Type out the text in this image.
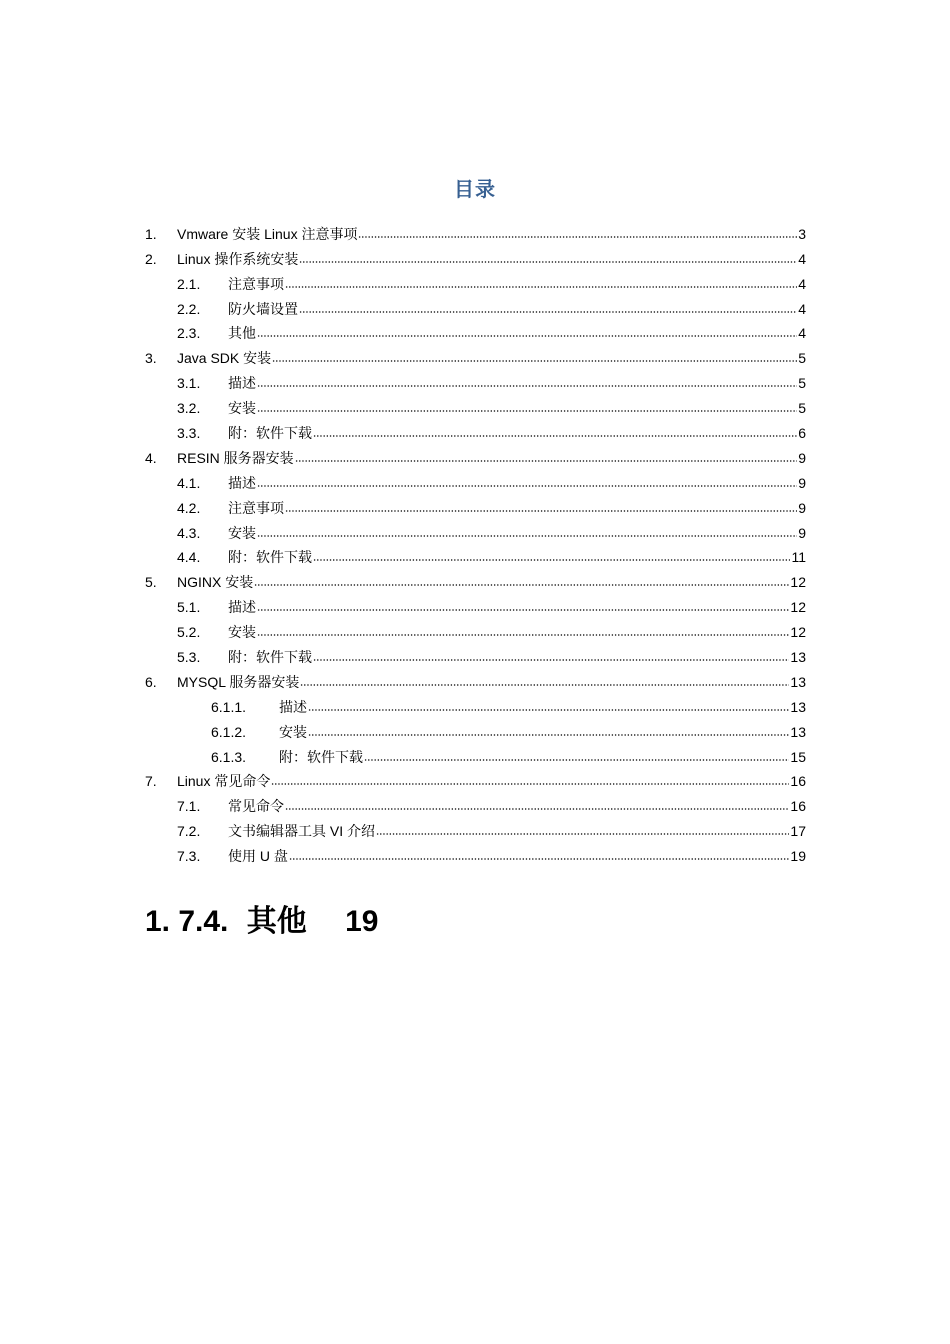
目录
1.	Vmware 安装 Linux 注意事项	3
2.	Linux 操作系统安装	4
2.1.	注意事项	4
2.2.	防火墙设置	4
2.3.	其他	4
3.	Java SDK 安装	5
3.1.	描述	5
3.2.	安装	5
3.3.	附：软件下载	6
4.	RESIN 服务器安装	9
4.1.	描述	9
4.2.	注意事项	9
4.3.	安装	9
4.4.	附：软件下载	11
5.	NGINX 安装	12
5.1.	描述	12
5.2.	安装	12
5.3.	附：软件下载	13
6.	MYSQL 服务器安装	13
6.1.1.	描述	13
6.1.2.	安装	13
6.1.3.	附：软件下载	15
7.	Linux 常见命令	16
7.1.	常见命令	16
7.2.	文书编辑器工具 VI 介绍	17
7.3.	使用 U 盘	19
1. 7.4. 其他 19
